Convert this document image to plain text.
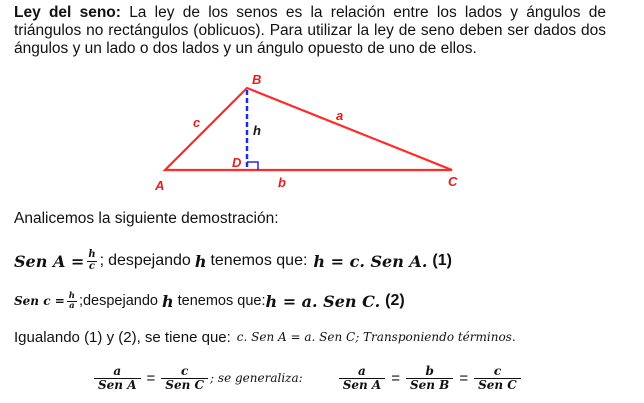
Ley del seno: La ley de los senos es la relación entre los lados y ángulos de triángulos no rectángulos (oblicuos). Para utilizar la ley de seno deben ser dados dos ángulos y un lado o dos lados y un ángulo opuesto de uno de ellos.
B
A	C
D
c	a
b
h
Analicemos la siguiente demostración:
Sen $A = \frac{h}{c}$ ; despejando h tenemos que: h = c. Sen A. (1)
Sen $c = \frac{h}{a}$ ; despejando h tenemos que: h = a. Sen C. (2)
Igualando (1) y (2), se tiene que: c. Sen A = a. Sen C; Transponiendo términos.
$\frac{a}{\text{Sen A}} = \frac{c}{\text{Sen C}}$ ; se generaliza:	$\frac{a}{\text{Sen A}} = \frac{b}{\text{Sen B}} = \frac{c}{\text{Sen C}}$
